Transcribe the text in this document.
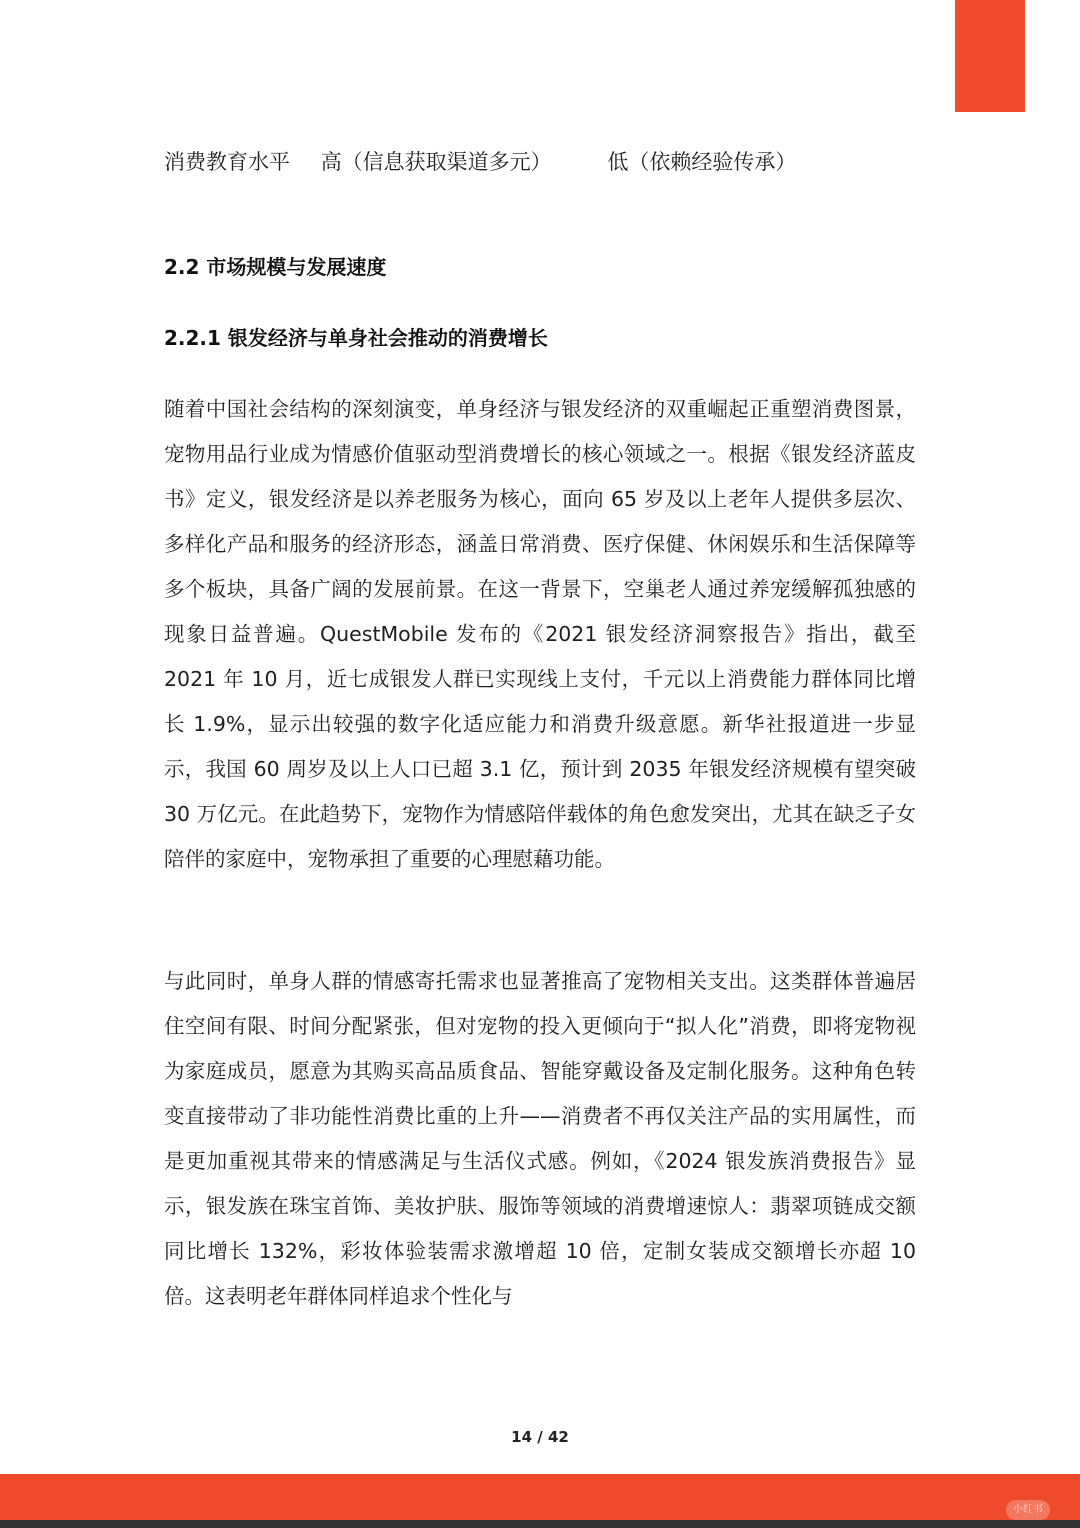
消费教育水平 高（信息获取渠道多元）	低（依赖经验传承）
2.2 市场规模与发展速度
2.2.1 银发经济与单身社会推动的消费增长

随着中国社会结构的深刻演变，单身经济与银发经济的双重崛起正重塑消费图景，宠物用品行业成为情感价值驱动型消费增长的核心领域之一。根据《银发经济蓝皮书》定义，银发经济是以养老服务为核心，面向 65 岁及以上老年人提供多层次、多样化产品和服务的经济形态，涵盖日常消费、医疗保健、休闲娱乐和生活保障等多个板块，具备广阔的发展前景。在这一背景下，空巢老人通过养宠缓解孤独感的现象日益普遍。QuestMobile 发布的《2021 银发经济洞察报告》指出，截至 2021 年 10 月，近七成银发人群已实现线上支付，千元以上消费能力群体同比增长 1.9%，显示出较强的数字化适应能力和消费升级意愿。新华社报道进一步显示，我国 60 周岁及以上人口已超 3.1 亿，预计到 2035 年银发经济规模有望突破 30 万亿元。在此趋势下，宠物作为情感陪伴载体的角色愈发突出，尤其在缺乏子女陪伴的家庭中，宠物承担了重要的心理慰藉功能。

与此同时，单身人群的情感寄托需求也显著推高了宠物相关支出。这类群体普遍居住空间有限、时间分配紧张，但对宠物的投入更倾向于“拟人化”消费，即将宠物视为家庭成员，愿意为其购买高品质食品、智能穿戴设备及定制化服务。这种角色转变直接带动了非功能性消费比重的上升——消费者不再仅关注产品的实用属性，而是更加重视其带来的情感满足与生活仪式感。例如，《2024 银发族消费报告》显示，银发族在珠宝首饰、美妆护肤、服饰等领域的消费增速惊人：翡翠项链成交额同比增长 132%，彩妆体验装需求激增超 10 倍，定制女装成交额增长亦超 10 倍。这表明老年群体同样追求个性化与

14 / 42
小红书
